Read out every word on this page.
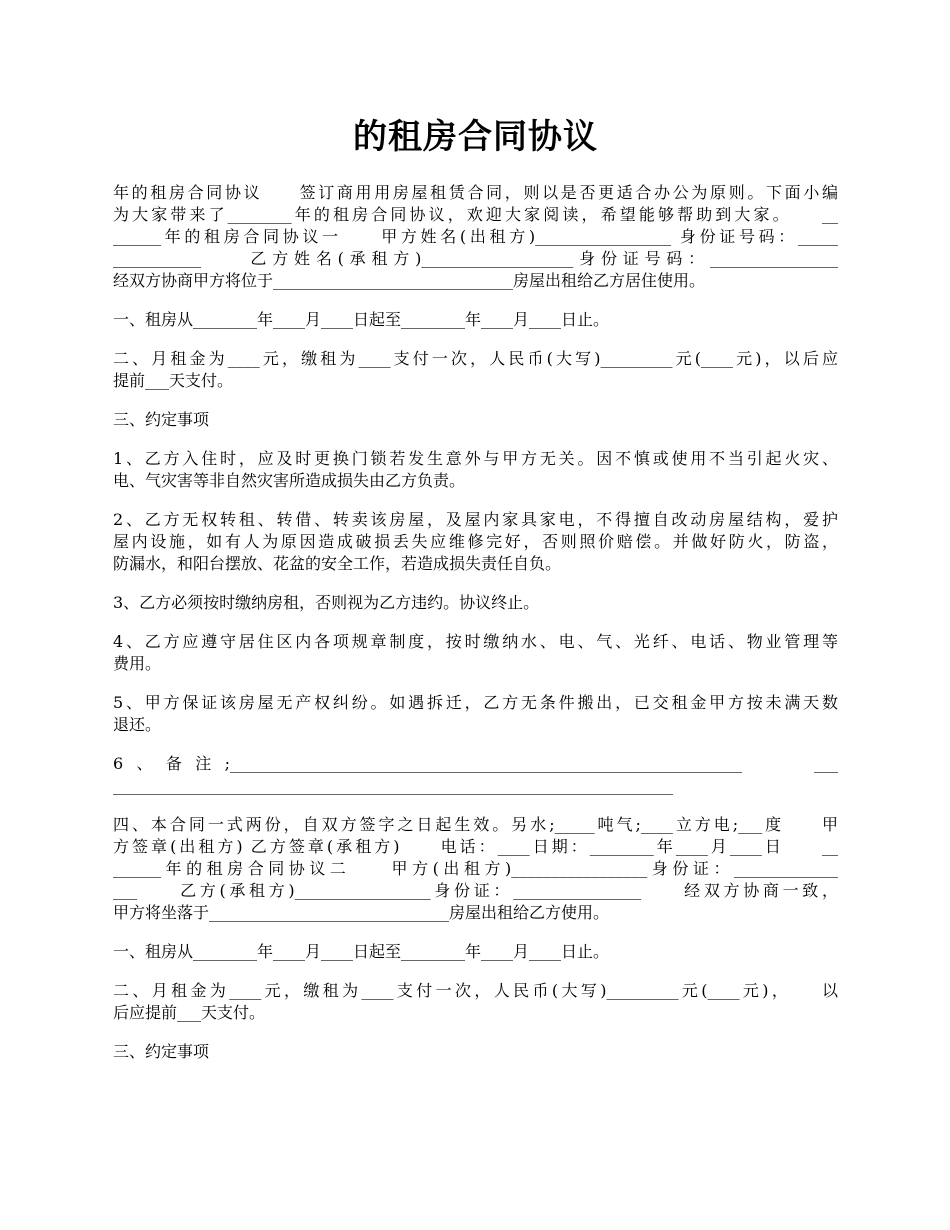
的租房合同协议

年的租房合同协议　　签订商用用房屋租赁合同，则以是否更适合办公为原则。下面小编
为大家带来了________年的租房合同协议，欢迎大家阅读，希望能够帮助到大家。　　__
______年的租房合同协议一　　甲方姓名(出租方)_________________ 身份证号码：_____
___________　　乙方姓名(承租方)___________________身份证号码：________________
经双方协商甲方将位于______________________________房屋出租给乙方居住使用。

一、租房从________年____月____日起至________年____月____日止。

二、月租金为____元，缴租为____支付一次，人民币(大写)_________元(____元)，以后应
提前___天支付。

三、约定事项

1、乙方入住时，应及时更换门锁若发生意外与甲方无关。因不慎或使用不当引起火灾、
电、气灾害等非自然灾害所造成损失由乙方负责。

2、乙方无权转租、转借、转卖该房屋，及屋内家具家电，不得擅自改动房屋结构，爱护
屋内设施，如有人为原因造成破损丢失应维修完好，否则照价赔偿。并做好防火，防盗，
防漏水，和阳台摆放、花盆的安全工作，若造成损失责任自负。

3、乙方必须按时缴纳房租，否则视为乙方违约。协议终止。

4、乙方应遵守居住区内各项规章制度，按时缴纳水、电、气、光纤、电话、物业管理等
费用。

5、甲方保证该房屋无产权纠纷。如遇拆迁，乙方无条件搬出，已交租金甲方按未满天数
退还。

6、备注;________________________________________________________________　　___
______________________________________________________________________

四、本合同一式两份，自双方签字之日起生效。另水;_____吨气;____立方电;___度　　甲
方签章(出租方) 乙方签章(承租方)　　电话：____日期：________年____月____日　　__
______年的租房合同协议二　　甲方(出租方)_________________身份证：_____________
___　　乙方(承租方)_________________身份证：________________　　经双方协商一致，
甲方将坐落于______________________________房屋出租给乙方使用。

一、租房从________年____月____日起至________年____月____日止。

二、月租金为____元，缴租为____支付一次，人民币(大写)_________元(____元)，　　以
后应提前___天支付。

三、约定事项
